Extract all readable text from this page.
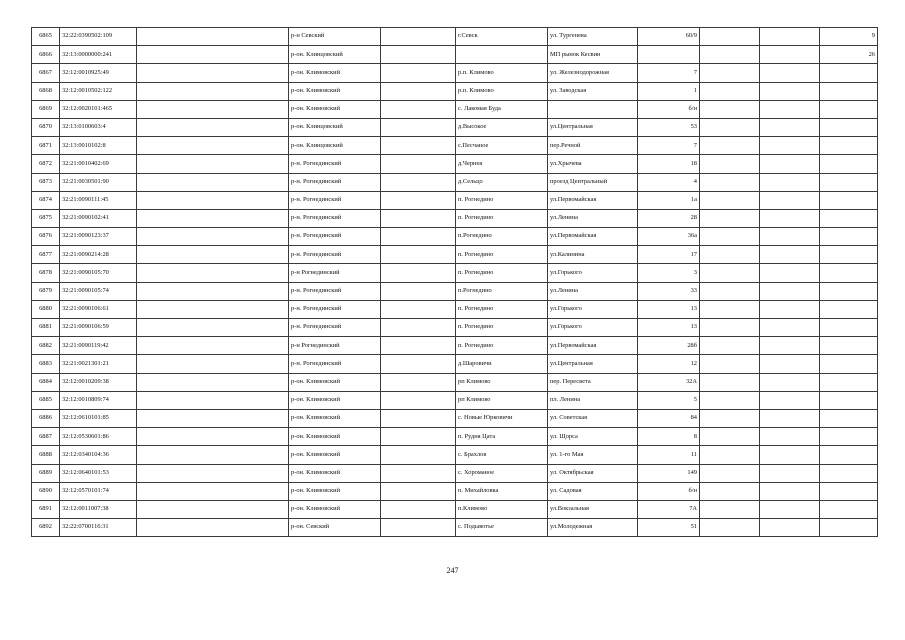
6865	32:22:0390502:109		р-н Севский		г.Севск	ул. Тургенева	60/9			9
6866	32:13:0000000:241		р-он. Клинцовский			МП рынок Кесвин				26
6867	32:12:0010925:49		р-он. Климовский		р.п. Климово	ул. Железнодорожная	7			
6868	32:12:0010502:122		р-он. Климовский		р.п. Климово	ул. Заводская	1			
6869	32:12:0020101:465		р-он. Климовский		с. Лакомая Буда		б/н			
6870	32:13:0100603:4		р-он. Клинцовский		д.Высокое	ул.Центральная	53			
6871	32:13:0010102:8		р-он. Клинцовский		с.Песчаное	пер.Речной	7			
6872	32:21:0010402:69		р-н. Рогнединский		д.Чернея	ул.Хрычева	18			
6873	32:21:0030501:90		р-н. Рогнединский		д.Сельцо	проезд Центральный	4			
6874	32:21:0090111:45		р-н. Рогнединский		п. Рогнедино	ул.Первомайская	1а			
6875	32:21:0090102:41		р-н. Рогнединский		п. Рогнедино	ул.Ленина	28			
6876	32:21:0090123:37		р-н. Рогнединский		п.Рогнедино	ул.Первомайская	36а			
6877	32:21:0090214:28		р-н. Рогнединский		п. Рогнедино	ул.Калинина	17			
6878	32:21:0090105:70		р-н Рогнединский		п. Рогнедино	ул.Горького	3			
6879	32:21:0090105:74		р-н. Рогнединский		п.Рогнедино	ул.Ленина	33			
6880	32:21:0090106:61		р-н. Рогнединский		п. Рогнедино	ул.Горького	13			
6881	32:21:0090106:59		р-н. Рогнединский		п. Рогнедино	ул.Горького	13			
6882	32:21:0090119:42		р-н Рогнединский		п. Рогнедино	ул.Первомайская	28б			
6883	32:21:0021301:21		р-н. Рогнединский		д.Шаровичи	ул.Центральная	12			
6884	32:12:0010209:38		р-он. Климовский		рп Климово	пер. Пересвета	32А			
6885	32:12:0010809:74		р-он. Климовский		рп Климово	пл. Ленина	5			
6886	32:12:0610101:85		р-он. Климовский		с. Новые Юрковичи	ул. Советская	84			
6887	32:12:0530601:86		р-он. Климовский		п. Рудня Цата	ул. Щорса	8			
6888	32:12:0340104:36		р-он. Климовский		с. Брахлов	ул. 1-го Мая	11			
6889	32:12:0640101:53		р-он. Климовский		с. Хороманое	ул. Октябрьская	149			
6890	32:12:0570101:74		р-он. Климовский		п. Михайловка	ул. Садовая	б/н			
6891	32:12:0011007:38		р-он. Климовский		п.Климово	ул.Вокзальная	7А			
6892	32:22:0700116:31		р-он. Севский		с. Подывотье	ул.Молодежная	51			
247
